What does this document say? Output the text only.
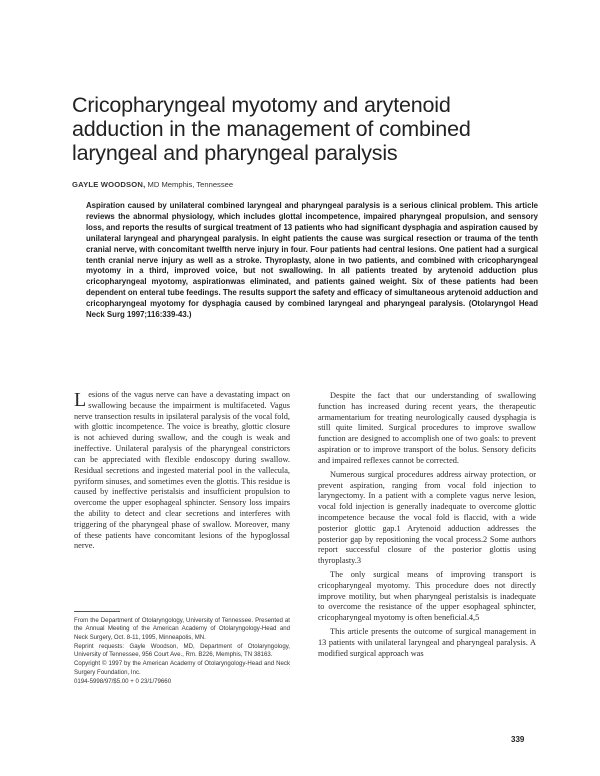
Cricopharyngeal myotomy and arytenoid
adduction in the management of combined
laryngeal and pharyngeal paralysis
GAYLE WOODSON, MD Memphis, Tennessee
Aspiration caused by unilateral combined laryngeal and pharyngeal paralysis is a serious clinical problem. This article reviews the abnormal physiology, which includes glottal incompetence, impaired pharyngeal propulsion, and sensory loss, and reports the results of surgical treatment of 13 patients who had significant dysphagia and aspiration caused by unilateral laryngeal and pharyngeal paralysis. In eight patients the cause was surgical resection or trauma of the tenth cranial nerve, with concomitant twelfth nerve injury in four. Four patients had central lesions. One patient had a surgical tenth cranial nerve injury as well as a stroke. Thyroplasty, alone in two patients, and combined with cricopharyngeal myotomy in a third, improved voice, but not swallowing. In all patients treated by arytenoid adduction plus cricopharyngeal myotomy, aspirationwas eliminated, and patients gained weight. Six of these patients had been dependent on enteral tube feedings. The results support the safety and efficacy of simultaneous arytenoid adduction and cricopharyngeal myotomy for dysphagia caused by combined laryngeal and pharyngeal paralysis. (Otolaryngol Head Neck Surg 1997;116:339-43.)

Lesions of the vagus nerve can have a devastating impact on swallowing because the impairment is multifaceted. Vagus nerve transection results in ipsilateral paralysis of the vocal fold, with glottic incompetence. The voice is breathy, glottic closure is not achieved during swallow, and the cough is weak and ineffective. Unilateral paralysis of the pharyngeal constrictors can be appreciated with flexible endoscopy during swallow. Residual secretions and ingested material pool in the vallecula, pyriform sinuses, and sometimes even the glottis. This residue is caused by ineffective peristalsis and insufficient propulsion to overcome the upper esophageal sphincter. Sensory loss impairs the ability to detect and clear secretions and interferes with triggering of the pharyngeal phase of swallow. Moreover, many of these patients have concomitant lesions of the hypoglossal nerve.

From the Department of Otolaryngology, University of Tennessee. Presented at the Annual Meeting of the American Academy of Otolaryngology-Head and Neck Surgery, Oct. 8-11, 1995, Minneapolis, MN.

Reprint requests: Gayle Woodson, MD, Department of Otolaryngology, University of Tennessee, 956 Court Ave., Rm. B226, Memphis, TN 38163.

Copyright © 1997 by the American Academy of Otolaryngology-Head and Neck Surgery Foundation, Inc.

0194-5998/97/$5.00 + 0 23/1/79660

Despite the fact that our understanding of swallowing function has increased during recent years, the therapeutic armamentarium for treating neurologically caused dysphagia is still quite limited. Surgical procedures to improve swallow function are designed to accomplish one of two goals: to prevent aspiration or to improve transport of the bolus. Sensory deficits and impaired reflexes cannot be corrected.

Numerous surgical procedures address airway protection, or prevent aspiration, ranging from vocal fold injection to laryngectomy. In a patient with a complete vagus nerve lesion, vocal fold injection is generally inadequate to overcome glottic incompetence because the vocal fold is flaccid, with a wide posterior glottic gap.1 Arytenoid adduction addresses the posterior gap by repositioning the vocal process.2 Some authors report successful closure of the posterior glottis using thyroplasty.3

The only surgical means of improving transport is cricopharyngeal myotomy. This procedure does not directly improve motility, but when pharyngeal peristalsis is inadequate to overcome the resistance of the upper esophageal sphincter, cricopharyngeal myotomy is often beneficial.4,5

This article presents the outcome of surgical management in 13 patients with unilateral laryngeal and pharyngeal paralysis. A modified surgical approach was

339
